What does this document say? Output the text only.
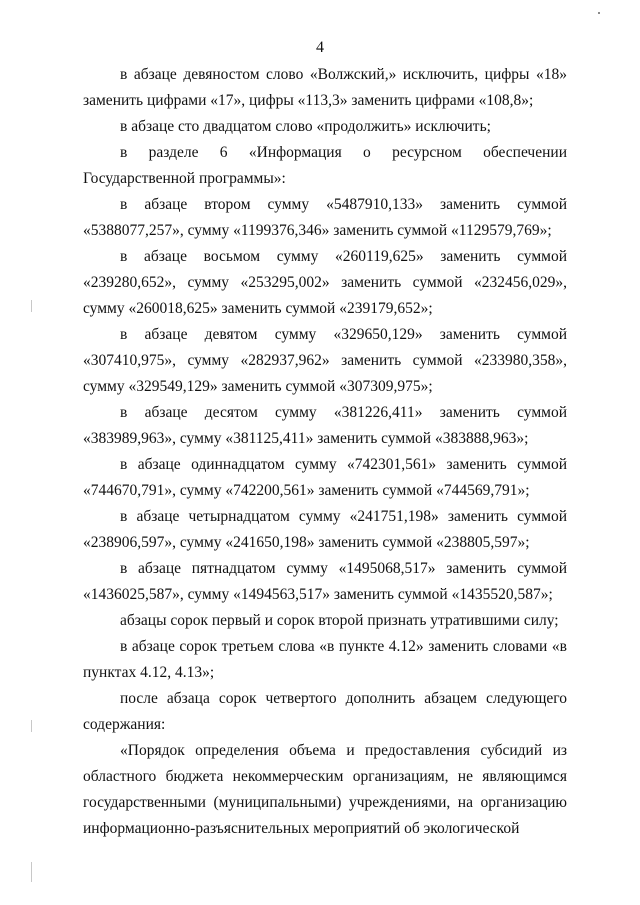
4

в абзаце девяностом слово «Волжский,» исключить, цифры «18» заменить цифрами «17», цифры «113,3» заменить цифрами «108,8»;

в абзаце сто двадцатом слово «продолжить» исключить;

в разделе 6 «Информация о ресурсном обеспечении Государственной программы»:

в абзаце втором сумму «5487910,133» заменить суммой «5388077,257», сумму «1199376,346» заменить суммой «1129579,769»;

в абзаце восьмом сумму «260119,625» заменить суммой «239280,652», сумму «253295,002» заменить суммой «232456,029», сумму «260018,625» заменить суммой «239179,652»;

в абзаце девятом сумму «329650,129» заменить суммой «307410,975», сумму «282937,962» заменить суммой «233980,358», сумму «329549,129» заменить суммой «307309,975»;

в абзаце десятом сумму «381226,411» заменить суммой «383989,963», сумму «381125,411» заменить суммой «383888,963»;

в абзаце одиннадцатом сумму «742301,561» заменить суммой «744670,791», сумму «742200,561» заменить суммой «744569,791»;

в абзаце четырнадцатом сумму «241751,198» заменить суммой «238906,597», сумму «241650,198» заменить суммой «238805,597»;

в абзаце пятнадцатом сумму «1495068,517» заменить суммой «1436025,587», сумму «1494563,517» заменить суммой «1435520,587»;

абзацы сорок первый и сорок второй признать утратившими силу;

в абзаце сорок третьем слова «в пункте 4.12» заменить словами «в пунктах 4.12, 4.13»;

после абзаца сорок четвертого дополнить абзацем следующего содержания:

«Порядок определения объема и предоставления субсидий из областного бюджета некоммерческим организациям, не являющимся государственными (муниципальными) учреждениями, на организацию информационно-разъяснительных мероприятий об экологической
